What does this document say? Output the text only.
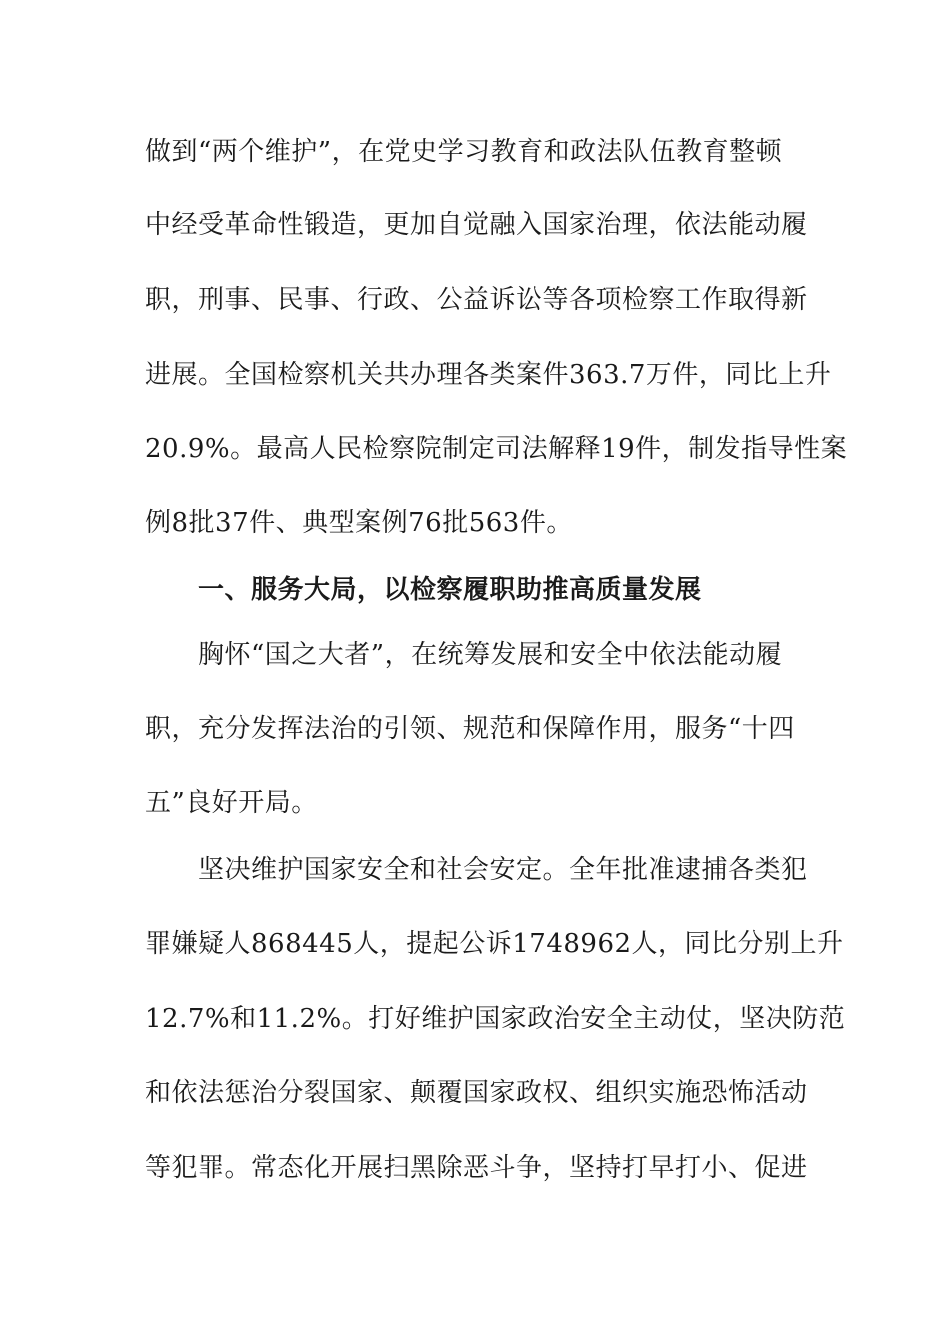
做到“两个维护”，在党史学习教育和政法队伍教育整顿
中经受革命性锻造，更加自觉融入国家治理，依法能动履
职，刑事、民事、行政、公益诉讼等各项检察工作取得新
进展。全国检察机关共办理各类案件363.7万件，同比上升
20.9%。最高人民检察院制定司法解释19件，制发指导性案
例8批37件、典型案例76批563件。
一、服务大局，以检察履职助推高质量发展
胸怀“国之大者”，在统筹发展和安全中依法能动履
职，充分发挥法治的引领、规范和保障作用，服务“十四
五”良好开局。
坚决维护国家安全和社会安定。全年批准逮捕各类犯
罪嫌疑人868445人，提起公诉1748962人，同比分别上升
12.7%和11.2%。打好维护国家政治安全主动仗，坚决防范
和依法惩治分裂国家、颠覆国家政权、组织实施恐怖活动
等犯罪。常态化开展扫黑除恶斗争，坚持打早打小、促进
